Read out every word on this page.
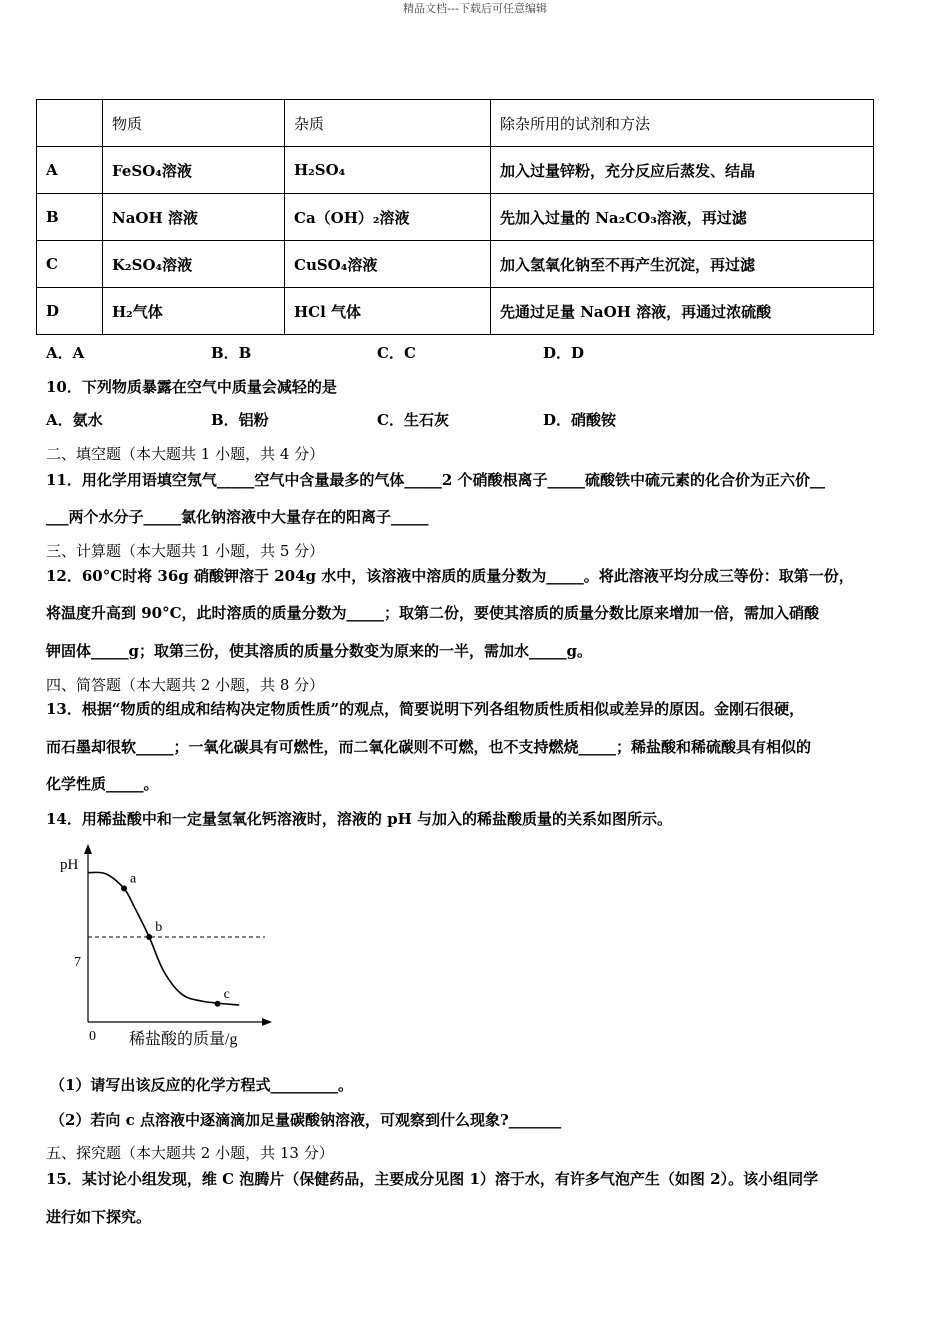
精品文档---下载后可任意编辑
	物质	杂质	除杂所用的试剂和方法
A	FeSO₄溶液	H₂SO₄	加入过量锌粉，充分反应后蒸发、结晶
B	NaOH 溶液	Ca（OH）₂溶液	先加入过量的 Na₂CO₃溶液，再过滤
C	K₂SO₄溶液	CuSO₄溶液	加入氢氧化钠至不再产生沉淀，再过滤
D	H₂气体	HCl 气体	先通过足量 NaOH 溶液，再通过浓硫酸
A．A	B．B	C．C	D．D
10．下列物质暴露在空气中质量会减轻的是
A．氨水	B．铝粉	C．生石灰	D．硝酸铵
二、填空题（本大题共 1 小题，共 4 分）
11．用化学用语填空氖气_____空气中含量最多的气体_____2 个硝酸根离子_____硫酸铁中硫元素的化合价为正六价__
___两个水分子_____氯化钠溶液中大量存在的阳离子_____
三、计算题（本大题共 1 小题，共 5 分）
12．60°C时将 36g 硝酸钾溶于 204g 水中，该溶液中溶质的质量分数为_____。将此溶液平均分成三等份：取第一份，
将温度升高到 90°C，此时溶质的质量分数为_____；取第二份，要使其溶质的质量分数比原来增加一倍，需加入硝酸
钾固体_____g；取第三份，使其溶质的质量分数变为原来的一半，需加水_____g。
四、简答题（本大题共 2 小题，共 8 分）
13．根据“物质的组成和结构决定物质性质”的观点，简要说明下列各组物质性质相似或差异的原因。金刚石很硬，
而石墨却很软_____；一氧化碳具有可燃性，而二氧化碳则不可燃，也不支持燃烧_____；稀盐酸和稀硫酸具有相似的
化学性质_____。
14．用稀盐酸中和一定量氢氧化钙溶液时，溶液的 pH 与加入的稀盐酸质量的关系如图所示。
pH
0 稀盐酸的质量/g
7
a
b
c
（1）请写出该反应的化学方程式_________。
（2）若向 c 点溶液中逐滴滴加足量碳酸钠溶液，可观察到什么现象?_______
五、探究题（本大题共 2 小题，共 13 分）
15．某讨论小组发现，维 C 泡腾片（保健药品，主要成分见图 1）溶于水，有许多气泡产生（如图 2）。该小组同学
进行如下探究。
